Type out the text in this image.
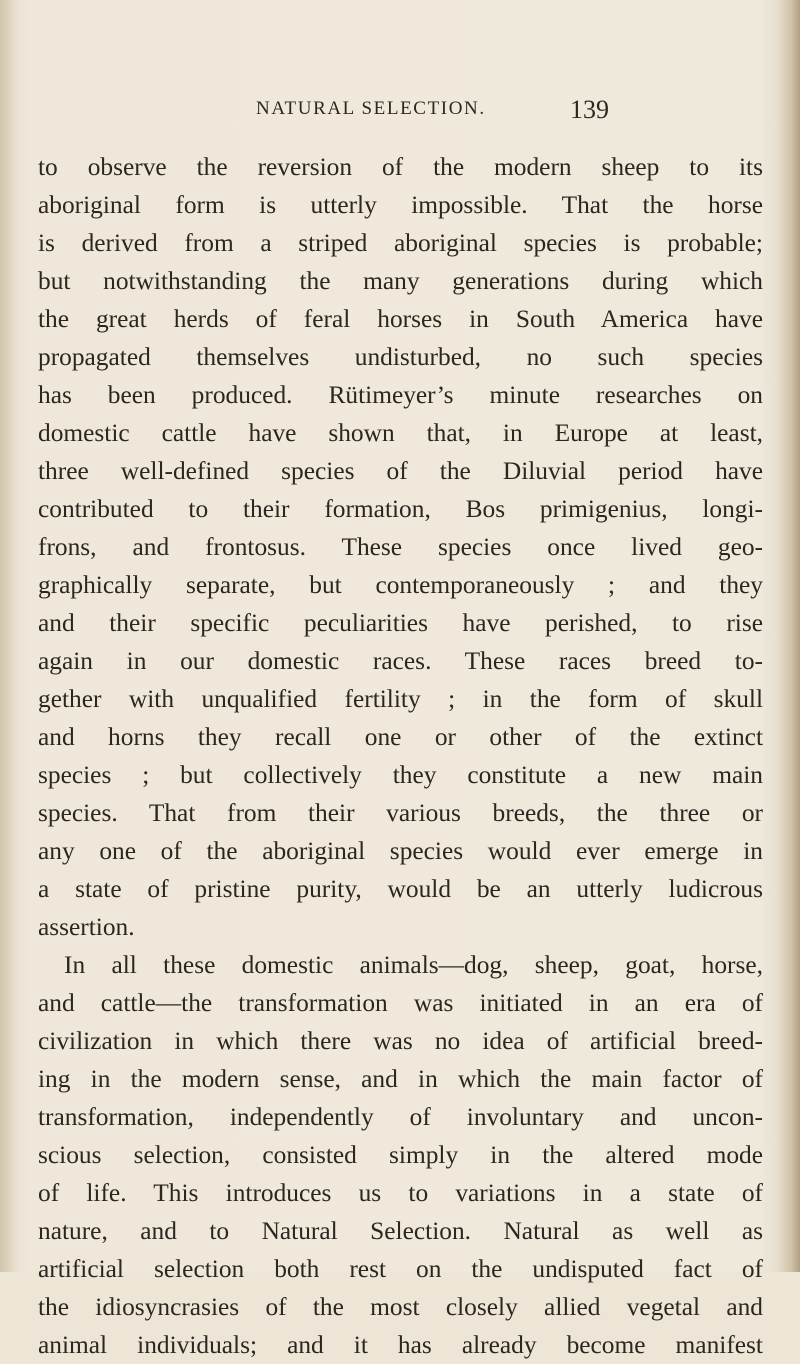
NATURAL SELECTION.	139
to observe the reversion of the modern sheep to its
aboriginal form is utterly impossible. That the horse
is derived from a striped aboriginal species is probable;
but notwithstanding the many generations during which
the great herds of feral horses in South America have
propagated themselves undisturbed, no such species
has been produced. Rütimeyer’s minute researches on
domestic cattle have shown that, in Europe at least,
three well-defined species of the Diluvial period have
contributed to their formation, Bos primigenius, longi-
frons, and frontosus. These species once lived geo-
graphically separate, but contemporaneously ; and they
and their specific peculiarities have perished, to rise
again in our domestic races. These races breed to-
gether with unqualified fertility ; in the form of skull
and horns they recall one or other of the extinct
species ; but collectively they constitute a new main
species. That from their various breeds, the three or
any one of the aboriginal species would ever emerge in
a state of pristine purity, would be an utterly ludicrous
assertion.
In all these domestic animals—dog, sheep, goat, horse,
and cattle—the transformation was initiated in an era of
civilization in which there was no idea of artificial breed-
ing in the modern sense, and in which the main factor of
transformation, independently of involuntary and uncon-
scious selection, consisted simply in the altered mode
of life. This introduces us to variations in a state of
nature, and to Natural Selection. Natural as well as
artificial selection both rest on the undisputed fact of
the idiosyncrasies of the most closely allied vegetal and
animal individuals; and it has already become manifest
